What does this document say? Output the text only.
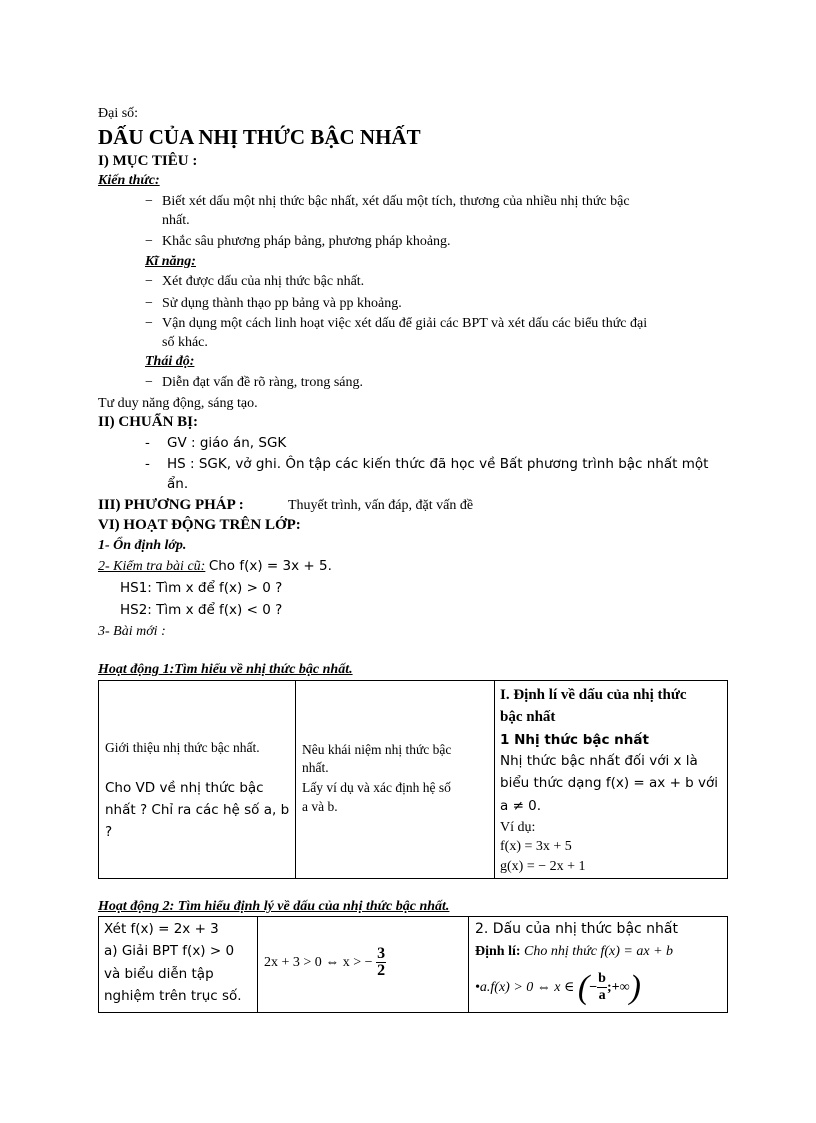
Đại số:
DẤU CỦA NHỊ THỨC BẬC NHẤT
I) MỤC TIÊU :
Kiến thức:
− Biết xét dấu một nhị thức bậc nhất, xét dấu một tích, thương của nhiều nhị thức bậc
nhất.
− Khắc sâu phương pháp bảng, phương pháp khoảng.
Kĩ năng:
− Xét được dấu của nhị thức bậc nhất.
− Sử dụng thành thạo pp bảng và pp khoảng.
− Vận dụng một cách linh hoạt việc xét dấu để giải các BPT và xét dấu các biểu thức đại
số khác.
Thái độ:
− Diễn đạt vấn đề rõ ràng, trong sáng.
Tư duy năng động, sáng tạo.
II) CHUẨN BỊ:
- GV : giáo án, SGK
- HS : SGK, vở ghi. Ôn tập các kiến thức đã học về Bất phương trình bậc nhất một
ẩn.
III) PHƯƠNG PHÁP :	Thuyết trình, vấn đáp, đặt vấn đề
VI) HOẠT ĐỘNG TRÊN LỚP:
1- Ổn định lớp.
2- Kiểm tra bài cũ: Cho f(x) = 3x + 5.
HS1: Tìm x để f(x) > 0 ?
HS2: Tìm x để f(x) < 0 ?
3- Bài mới :
Hoạt động 1:Tìm hiểu về nhị thức bậc nhất.
Giới thiệu nhị thức bậc nhất.
Cho VD về nhị thức bậc
nhất ? Chỉ ra các hệ số a, b
?

Nêu khái niệm nhị thức bậc
nhất.
Lấy ví dụ và xác định hệ số
a và b.

I. Định lí về dấu của nhị thức
bậc nhất
1 Nhị thức bậc nhất
Nhị thức bậc nhất đối với x là
biểu thức dạng f(x) = ax + b với
a ≠ 0.
Ví dụ:
f(x) = 3x + 5
g(x) = − 2x + 1
Hoạt động 2: Tìm hiểu định lý về dấu của nhị thức bậc nhất.
Xét f(x) = 2x + 3
a) Giải BPT f(x) > 0
và biểu diễn tập
nghiệm trên trục số.

2x + 3 > 0 ⇔ x > − $\frac{3}{2}$

2. Dấu của nhị thức bậc nhất
Định lí: Cho nhị thức f(x) = ax + b
•a.f(x) > 0 ⇔ x ∈ (− $\frac{b}{a}$ ;+∞)
